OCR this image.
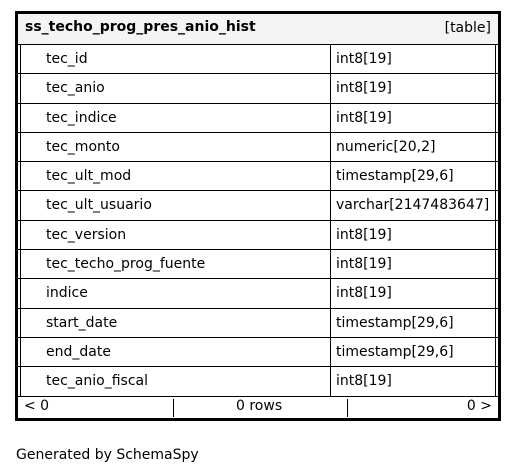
ss_techo_prog_pres_anio_hist	[table]
tec_id	int8[19]
tec_anio	int8[19]
tec_indice	int8[19]
tec_monto	numeric[20,2]
tec_ult_mod	timestamp[29,6]
tec_ult_usuario	varchar[2147483647]
tec_version	int8[19]
tec_techo_prog_fuente	int8[19]
indice	int8[19]
start_date	timestamp[29,6]
end_date	timestamp[29,6]
tec_anio_fiscal	int8[19]
< 0	0 rows	0 >
Generated by SchemaSpy
